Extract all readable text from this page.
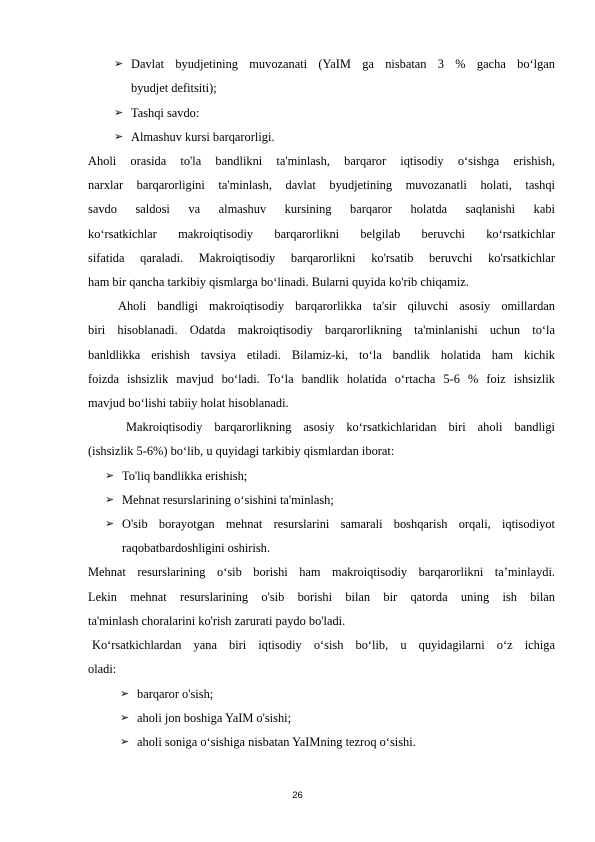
➢ Davlat byudjetining muvozanati (YaIM ga nisbatan 3 % gacha bo‘lgan
byudjet defitsiti);
➢ Tashqi savdo:
➢ Almashuv kursi barqarorligi.
Aholi orasida to'la bandlikni ta'minlash, barqaror iqtisodiy o‘sishga erishish,
narxlar barqarorligini ta'minlash, davlat byudjetining muvozanatli holati, tashqi
savdo saldosi va almashuv kursining barqaror holatda saqlanishi kabi
ko‘rsatkichlar makroiqtisodiy barqarorlikni belgilab beruvchi ko‘rsatkichlar
sifatida qaraladi. Makroiqtisodiy barqarorlikni ko'rsatib beruvchi ko'rsatkichlar
ham bir qancha tarkibiy qismlarga bo‘linadi. Bularni quyida ko'rib chiqamiz.
Aholi bandligi makroiqtisodiy barqarorlikka ta'sir qiluvchi asosiy omillardan
biri hisoblanadi. Odatda makroiqtisodiy barqarorlikning ta'minlanishi uchun to‘la
banldlikka erishish tavsiya etiladi. Bilamiz-ki, to‘la bandlik holatida ham kichik
foizda ishsizlik mavjud bo‘ladi. To‘la bandlik holatida o‘rtacha 5-6 % foiz ishsizlik
mavjud bo‘lishi tabiiy holat hisoblanadi.
Makroiqtisodiy barqarorlikning asosiy ko‘rsatkichlaridan biri aholi bandligi
(ishsizlik 5-6%) bo‘lib, u quyidagi tarkibiy qismlardan iborat:
➢ To'liq bandlikka erishish;
➢ Mehnat resurslarining o‘sishini ta'minlash;
➢ O'sib borayotgan mehnat resurslarini samarali boshqarish orqali, iqtisodiyot
raqobatbardoshligini oshirish.
Mehnat resurslarining o‘sib borishi ham makroiqtisodiy barqarorlikni ta’minlaydi.
Lekin mehnat resurslarining o'sib borishi bilan bir qatorda uning ish bilan
ta'minlash choralarini ko'rish zarurati paydo bo'ladi.
Ko‘rsatkichlardan yana biri iqtisodiy o‘sish bo‘lib, u quyidagilarni o‘z ichiga
oladi:
➢ barqaror o'sish;
➢ aholi jon boshiga YaIM o'sishi;
➢ aholi soniga o‘sishiga nisbatan YaIMning tezroq o‘sishi.
26
